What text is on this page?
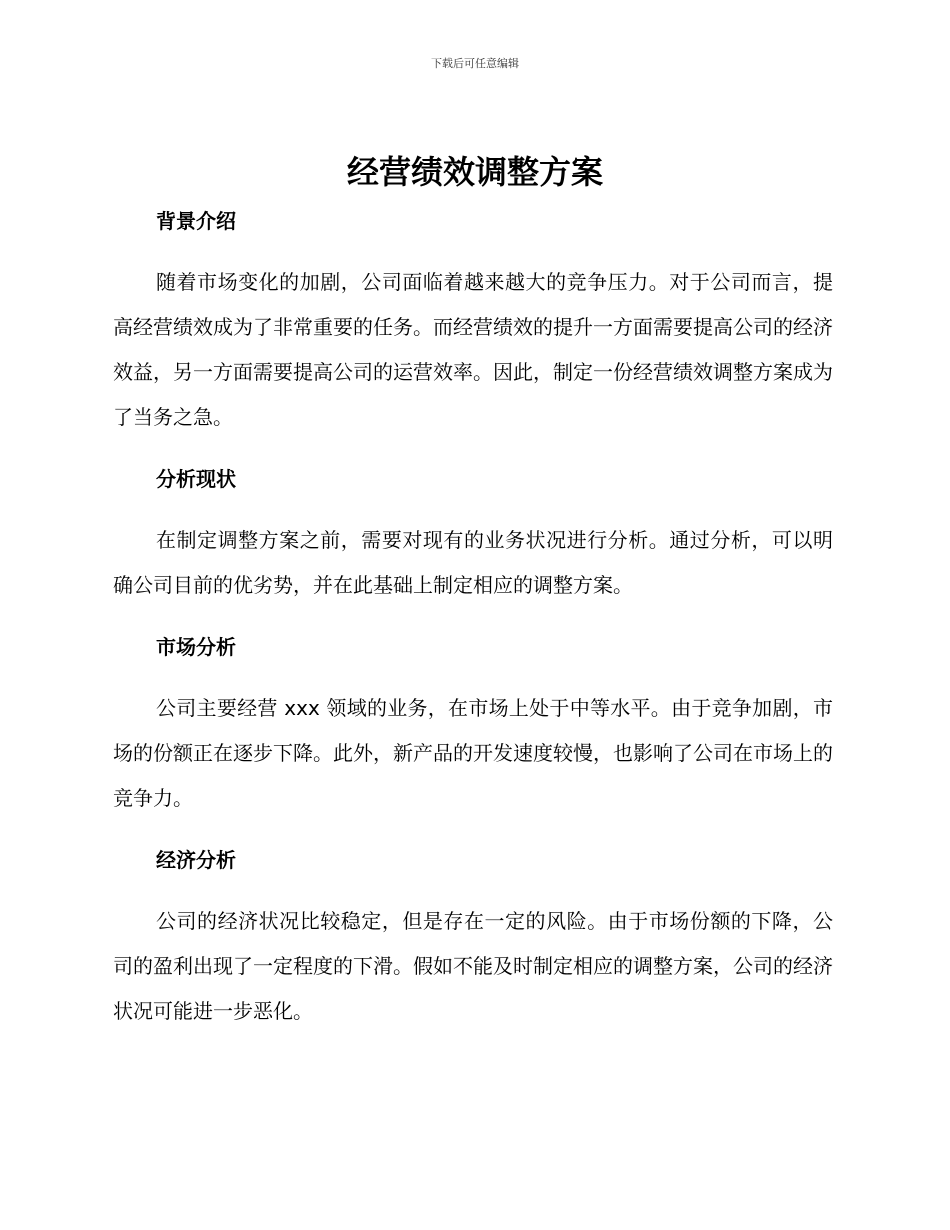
下载后可任意编辑
经营绩效调整方案
背景介绍

随着市场变化的加剧，公司面临着越来越大的竞争压力。对于公司而言，提高经营绩效成为了非常重要的任务。而经营绩效的提升一方面需要提高公司的经济效益，另一方面需要提高公司的运营效率。因此，制定一份经营绩效调整方案成为了当务之急。

分析现状

在制定调整方案之前，需要对现有的业务状况进行分析。通过分析，可以明确公司目前的优劣势，并在此基础上制定相应的调整方案。

市场分析

公司主要经营 xxx 领域的业务，在市场上处于中等水平。由于竞争加剧，市场的份额正在逐步下降。此外，新产品的开发速度较慢，也影响了公司在市场上的竞争力。

经济分析

公司的经济状况比较稳定，但是存在一定的风险。由于市场份额的下降，公司的盈利出现了一定程度的下滑。假如不能及时制定相应的调整方案，公司的经济状况可能进一步恶化。
